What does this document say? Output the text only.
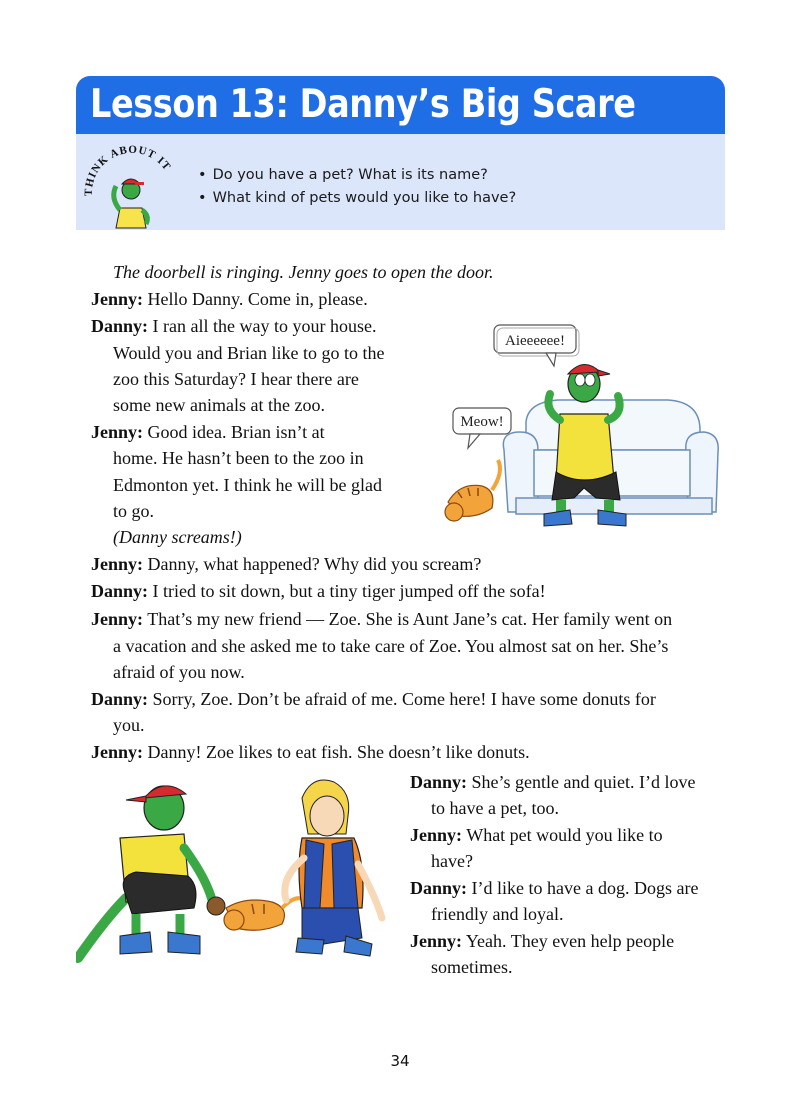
Lesson 13: Danny’s Big Scare
THINK ABOUT IT
• Do you have a pet? What is its name?
• What kind of pets would you like to have?
The doorbell is ringing. Jenny goes to open the door.
Jenny: Hello Danny. Come in, please.
Danny: I ran all the way to your house.
Would you and Brian like to go to the
zoo this Saturday? I hear there are
some new animals at the zoo.
Jenny: Good idea. Brian isn’t at
home. He hasn’t been to the zoo in
Edmonton yet. I think he will be glad
to go.
(Danny screams!)
Jenny: Danny, what happened? Why did you scream?
Danny: I tried to sit down, but a tiny tiger jumped off the sofa!
Jenny: That’s my new friend — Zoe. She is Aunt Jane’s cat. Her family went on
a vacation and she asked me to take care of Zoe. You almost sat on her. She’s
afraid of you now.
Danny: Sorry, Zoe. Don’t be afraid of me. Come here! I have some donuts for
you.
Jenny: Danny! Zoe likes to eat fish. She doesn’t like donuts.
Danny: She’s gentle and quiet. I’d love
to have a pet, too.
Jenny: What pet would you like to
have?
Danny: I’d like to have a dog. Dogs are
friendly and loyal.
Jenny: Yeah. They even help people
sometimes.
Aieeeeee!
Meow!
34
